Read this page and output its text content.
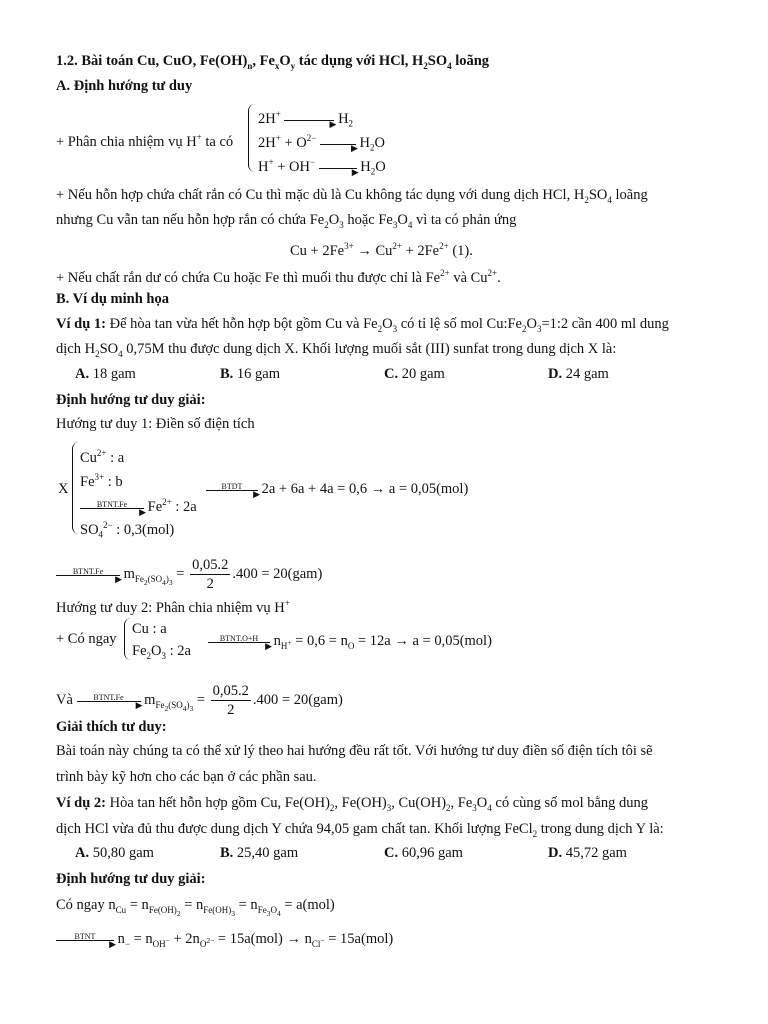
1.2. Bài toán Cu, CuO, $Fe(OH)_n$, $Fe_xO_y$ tác dụng với HCl, $H_2SO_4$ loãng
A. Định hướng tư duy
+ Phân chia nhiệm vụ H+ ta có
2H+
▶
$H_2$
$2H^+ + O^{2-}$
▶
$H_2O$
H+ + OH−
▶
$H_2O$
+ Nếu hỗn hợp chứa chất rắn có Cu thì mặc dù là Cu không tác dụng với dung dịch HCl, $H_2SO_4$ loãng
nhưng Cu vẫn tan nếu hỗn hợp rắn có chứa $Fe_2O_3$ hoặc $Fe_3O_4$ vì ta có phản ứng
$Cu + 2Fe^{3+} \to Cu^{2+} + 2Fe^{2+}$ (1).
+ Nếu chất rắn dư có chứa Cu hoặc Fe thì muối thu được chỉ là $Fe^{2+}$ và $Cu^{2+}$.
B. Ví dụ minh họa
Ví dụ 1: Để hòa tan vừa hết hỗn hợp bột gồm Cu và $Fe_2O_3$ có tỉ lệ số mol $Cu:Fe_2O_3=1:2$ cần 400 ml dung
dịch $H_2SO_4$ 0,75M thu được dung dịch X. Khối lượng muối sắt (III) sunfat trong dung dịch X là:
A. 18 gam	B. 16 gam	C. 20 gam	D. 24 gam
Định hướng tư duy giải:
Hướng tư duy 1: Điền số điện tích
X
$Cu^{2+}$ : a
$Fe^{3+}$ : b
BTNT.Fe
▶
$Fe^{2+}$ : 2a
$SO_4^{2-}$ : 0,3(mol)
BTDT
▶
2a + 6a + 4a = 0,6 → a = 0,05(mol)
BTNT.Fe
▶
$m_{Fe_2(SO_4)_3} = \frac{0,05.2}{2} .400 = 20(gam)$
Hướng tư duy 2: Phân chia nhiệm vụ H+
+ Có ngay
Cu : a
$Fe_2O_3$ : 2a
BTNT.O+H
▶
$n_{H^+} = 0,6 = n_O = 12a \to a = 0,05(mol)$
Và	BTNT.Fe
▶
$m_{Fe_2(SO_4)_3} = \frac{0,05.2}{2} .400 = 20(gam)$
Giải thích tư duy:
Bài toán này chúng ta có thể xử lý theo hai hướng đều rất tốt. Với hướng tư duy điền số điện tích tôi sẽ
trình bày kỹ hơn cho các bạn ở các phần sau.
Ví dụ 2: Hòa tan hết hỗn hợp gồm Cu, $Fe(OH)_2$, $Fe(OH)_3$, $Cu(OH)_2$, $Fe_3O_4$ có cùng số mol bằng dung
dịch HCl vừa đủ thu được dung dịch Y chứa 94,05 gam chất tan. Khối lượng FeCl$_2$ trong dung dịch Y là:
A. 50,80 gam	B. 25,40 gam	C. 60,96 gam	D. 45,72 gam
Định hướng tư duy giải:
Có ngay $n_{Cu} = n_{Fe(OH)_2} = n_{Fe(OH)_3} = n_{Fe_3O_4} = a(mol)$
BTNT
▶
$n_- = n_{OH^-} + 2n_{O^{2-}} = 15a(mol) \to n_{Cl^-} = 15a(mol)$
